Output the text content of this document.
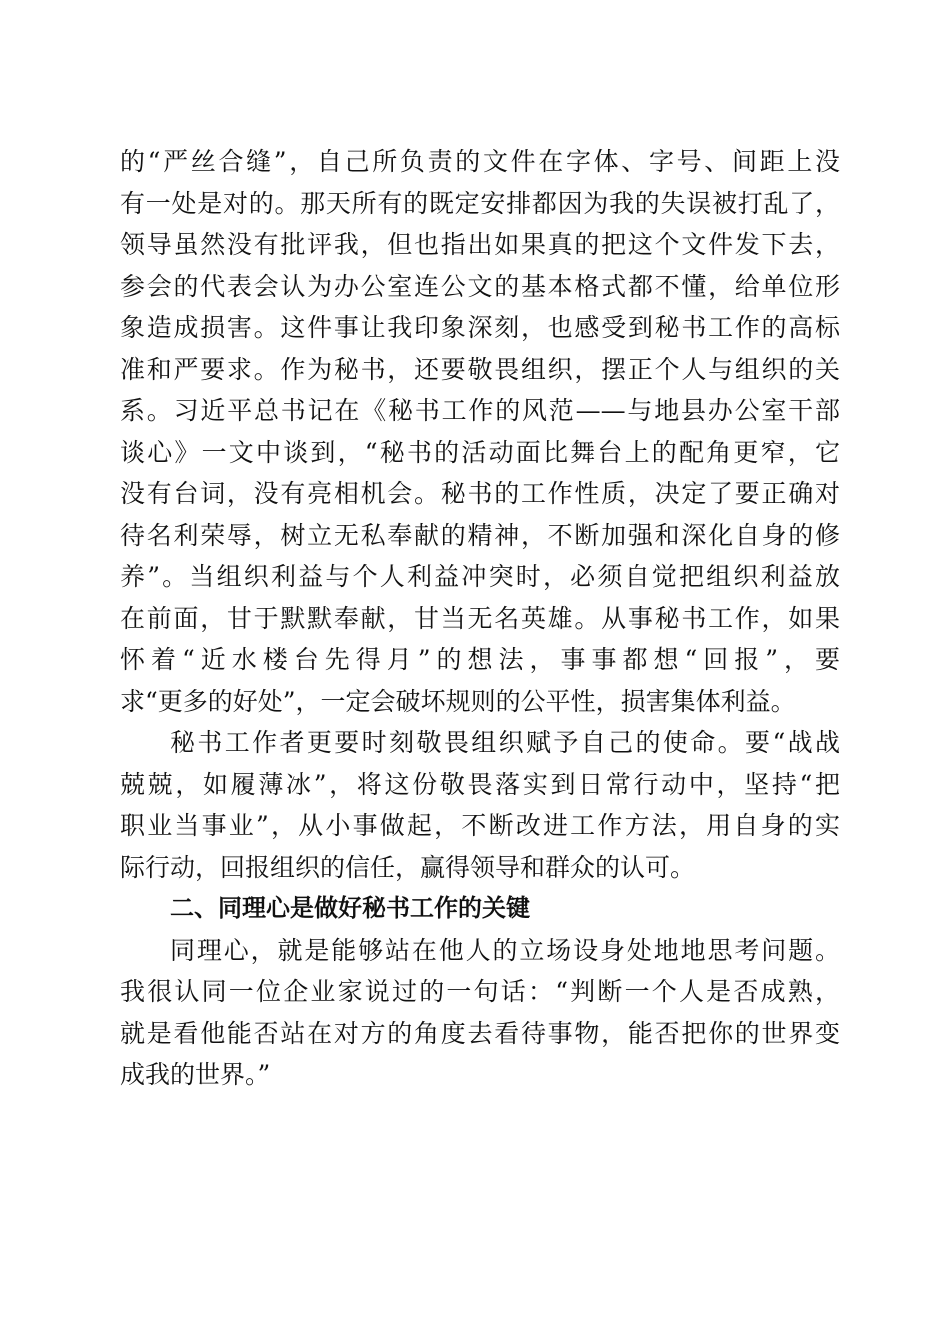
的“严丝合缝”，自己所负责的文件在字体、字号、间距上没
有一处是对的。那天所有的既定安排都因为我的失误被打乱了，
领导虽然没有批评我，但也指出如果真的把这个文件发下去，
参会的代表会认为办公室连公文的基本格式都不懂，给单位形
象造成损害。这件事让我印象深刻，也感受到秘书工作的高标
准和严要求。作为秘书，还要敬畏组织，摆正个人与组织的关
系。习近平总书记在《秘书工作的风范——与地县办公室干部
谈心》一文中谈到，“秘书的活动面比舞台上的配角更窄，它
没有台词，没有亮相机会。秘书的工作性质，决定了要正确对
待名利荣辱，树立无私奉献的精神，不断加强和深化自身的修
养”。当组织利益与个人利益冲突时，必须自觉把组织利益放
在前面，甘于默默奉献，甘当无名英雄。从事秘书工作，如果
怀着“近水楼台先得月”的想法，事事都想“回报”，要
求“更多的好处”，一定会破坏规则的公平性，损害集体利益。
秘书工作者更要时刻敬畏组织赋予自己的使命。要“战战
兢兢，如履薄冰”，将这份敬畏落实到日常行动中，坚持“把
职业当事业”，从小事做起，不断改进工作方法，用自身的实
际行动，回报组织的信任，赢得领导和群众的认可。
二、同理心是做好秘书工作的关键
同理心，就是能够站在他人的立场设身处地地思考问题。
我很认同一位企业家说过的一句话：“判断一个人是否成熟，
就是看他能否站在对方的角度去看待事物，能否把你的世界变
成我的世界。”
